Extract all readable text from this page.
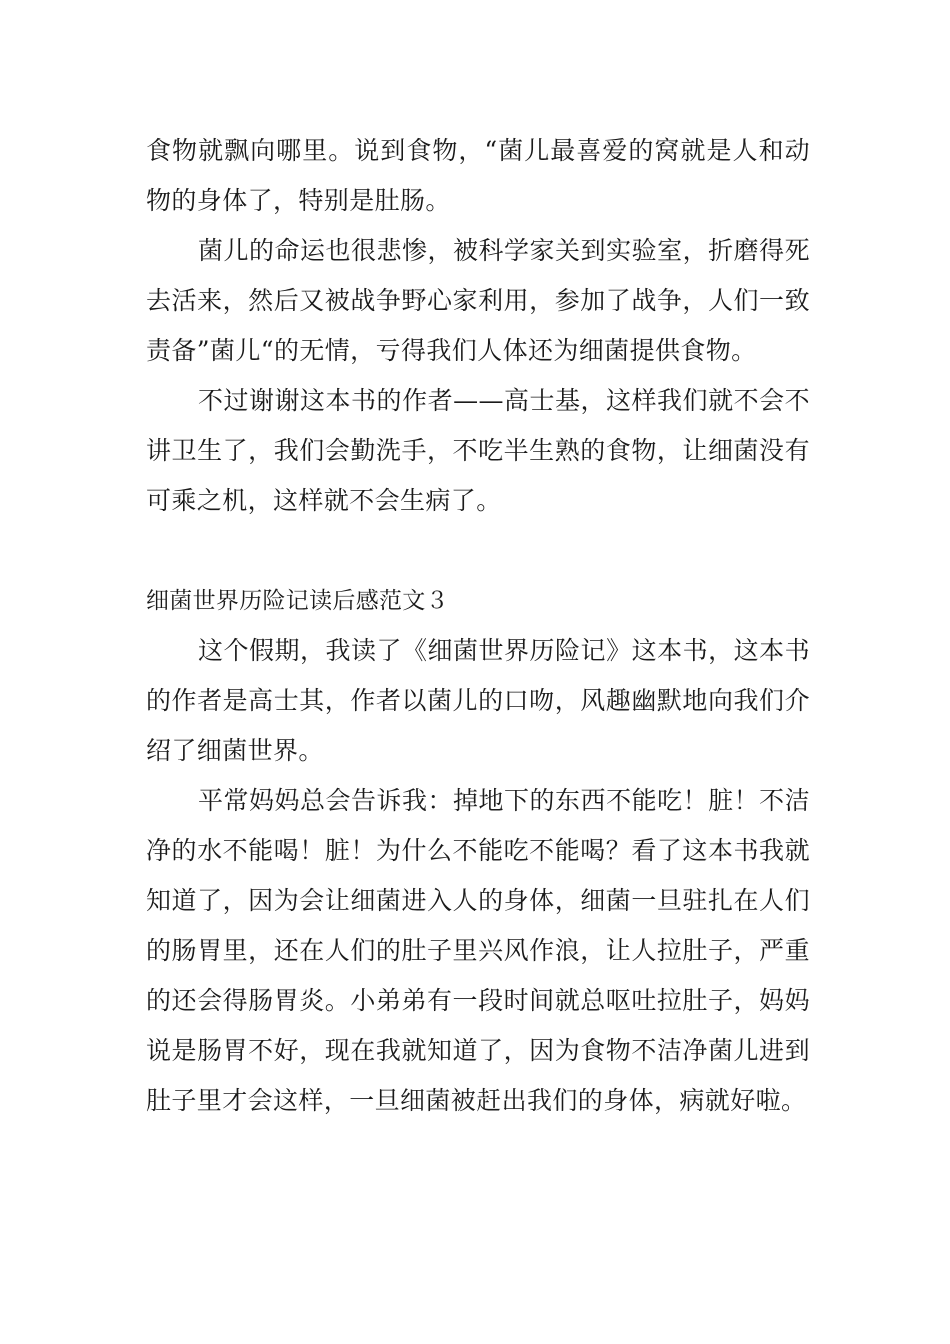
食物就飘向哪里。说到食物，“菌儿最喜爱的窝就是人和动物的身体了，特别是肚肠。

菌儿的命运也很悲惨，被科学家关到实验室，折磨得死去活来，然后又被战争野心家利用，参加了战争，人们一致责备”菌儿“的无情，亏得我们人体还为细菌提供食物。

不过谢谢这本书的作者——高士基，这样我们就不会不讲卫生了，我们会勤洗手，不吃半生熟的食物，让细菌没有可乘之机，这样就不会生病了。

细菌世界历险记读后感范文３

这个假期，我读了《细菌世界历险记》这本书，这本书的作者是高士其，作者以菌儿的口吻，风趣幽默地向我们介绍了细菌世界。

平常妈妈总会告诉我：掉地下的东西不能吃！脏！不洁净的水不能喝！脏！为什么不能吃不能喝？看了这本书我就知道了，因为会让细菌进入人的身体，细菌一旦驻扎在人们的肠胃里，还在人们的肚子里兴风作浪，让人拉肚子，严重的还会得肠胃炎。小弟弟有一段时间就总呕吐拉肚子，妈妈说是肠胃不好，现在我就知道了，因为食物不洁净菌儿进到肚子里才会这样，一旦细菌被赶出我们的身体，病就好啦。
